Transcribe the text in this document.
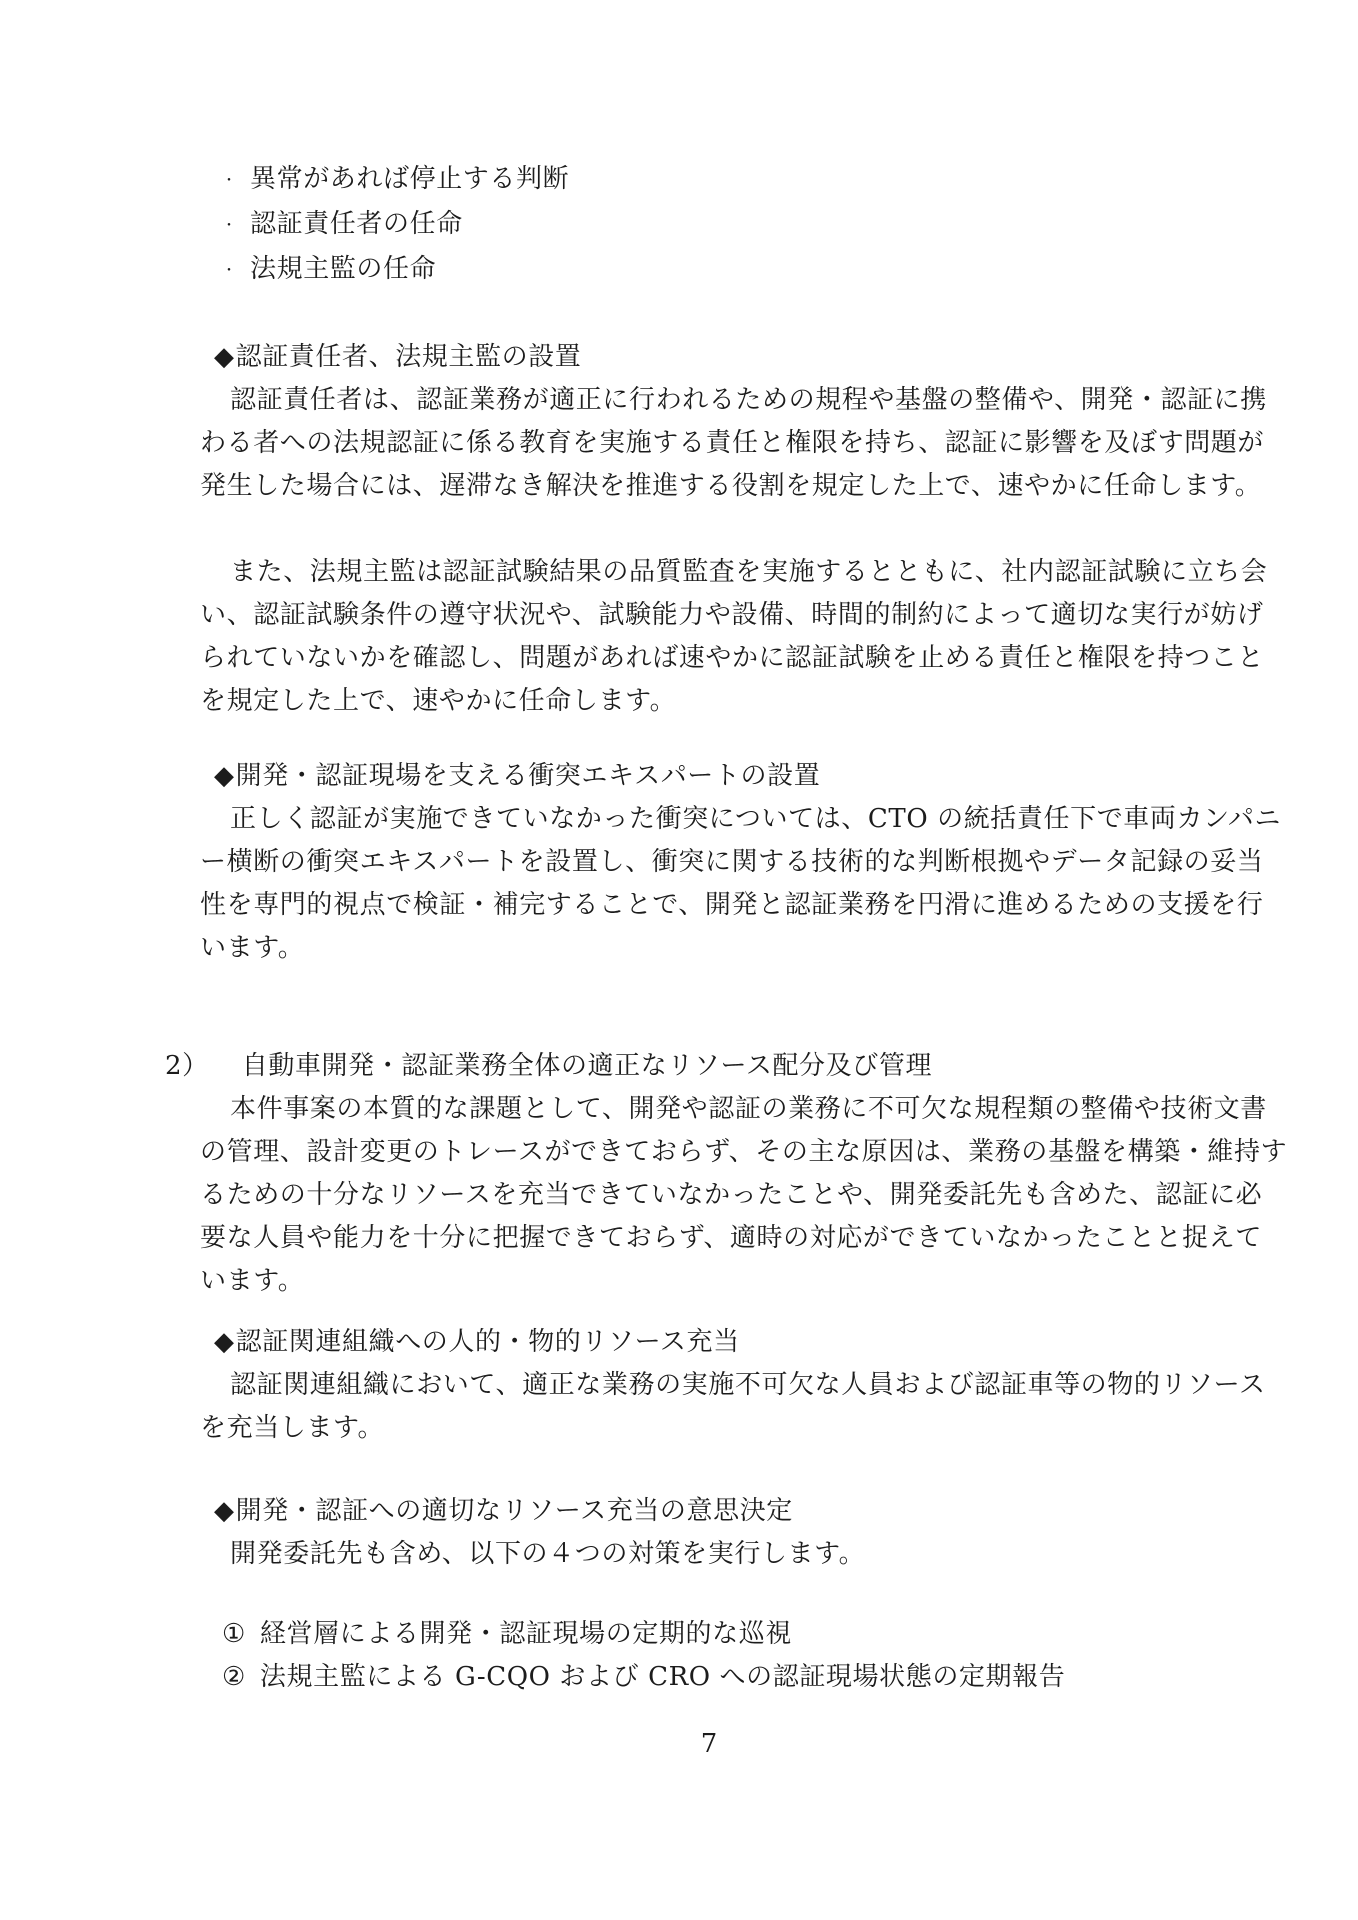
・ 異常があれば停止する判断
・ 認証責任者の任命
・ 法規主監の任命
◆認証責任者、法規主監の設置
認証責任者は、認証業務が適正に行われるための規程や基盤の整備や、開発・認証に携
わる者への法規認証に係る教育を実施する責任と権限を持ち、認証に影響を及ぼす問題が
発生した場合には、遅滞なき解決を推進する役割を規定した上で、速やかに任命します。
また、法規主監は認証試験結果の品質監査を実施するとともに、社内認証試験に立ち会
い、認証試験条件の遵守状況や、試験能力や設備、時間的制約によって適切な実行が妨げ
られていないかを確認し、問題があれば速やかに認証試験を止める責任と権限を持つこと
を規定した上で、速やかに任命します。
◆開発・認証現場を支える衝突エキスパートの設置
正しく認証が実施できていなかった衝突については、CTO の統括責任下で車両カンパニ
ー横断の衝突エキスパートを設置し、衝突に関する技術的な判断根拠やデータ記録の妥当
性を専門的視点で検証・補完することで、開発と認証業務を円滑に進めるための支援を行
います。
2） 自動車開発・認証業務全体の適正なリソース配分及び管理
本件事案の本質的な課題として、開発や認証の業務に不可欠な規程類の整備や技術文書
の管理、設計変更のトレースができておらず、その主な原因は、業務の基盤を構築・維持す
るための十分なリソースを充当できていなかったことや、開発委託先も含めた、認証に必
要な人員や能力を十分に把握できておらず、適時の対応ができていなかったことと捉えて
います。
◆認証関連組織への人的・物的リソース充当
認証関連組織において、適正な業務の実施不可欠な人員および認証車等の物的リソース
を充当します。
◆開発・認証への適切なリソース充当の意思決定
開発委託先も含め、以下の４つの対策を実行します。
① 経営層による開発・認証現場の定期的な巡視
② 法規主監による G-CQO および CRO への認証現場状態の定期報告
7
